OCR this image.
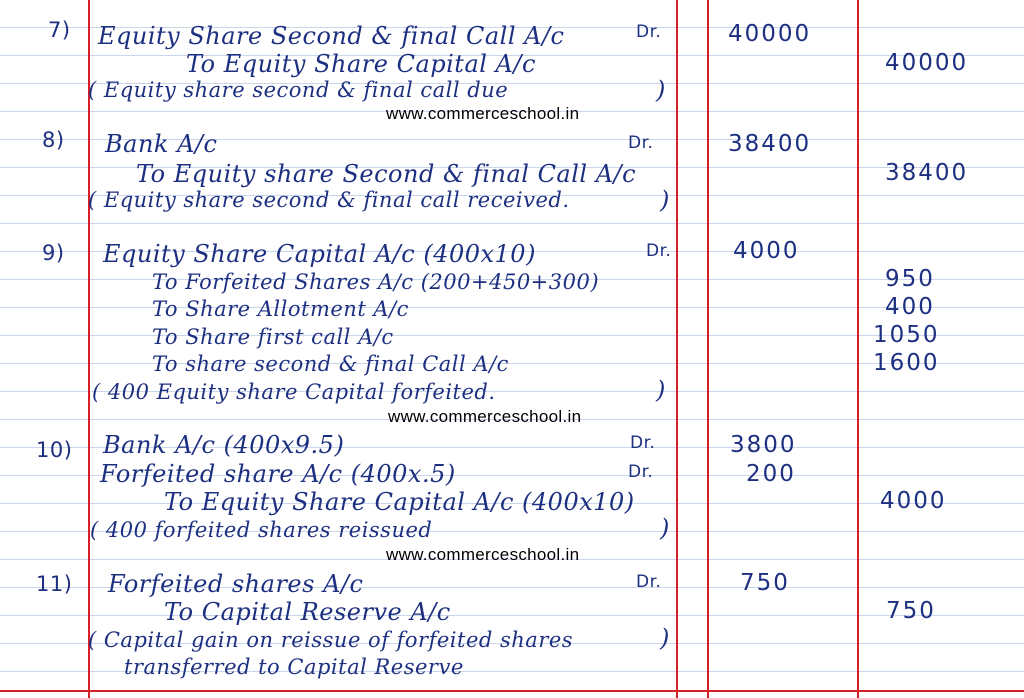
7) Equity Share Second & final Call A/c	Dr.	40000
To Equity Share Capital A/c	40000
( Equity share second & final call due	)
www.commerceschool.in
8) Bank A/c	Dr.	38400
To Equity share Second & final Call A/c	38400
( Equity share second & final call received.	)
9) Equity Share Capital A/c (400x10)	Dr.	4000
To Forfeited Shares A/c (200+450+300)	950
To Share Allotment A/c	400
To Share first call A/c	1050
To share second & final Call A/c	1600
( 400 Equity share Capital forfeited.	)
www.commerceschool.in
10) Bank A/c (400x9.5)	Dr.	3800
Forfeited share A/c (400x.5)	Dr.	200
To Equity Share Capital A/c (400x10)	4000
( 400 forfeited shares reissued	)
www.commerceschool.in
11) Forfeited shares A/c	Dr.	750
To Capital Reserve A/c	750
( Capital gain on reissue of forfeited shares	)
transferred to Capital Reserve
